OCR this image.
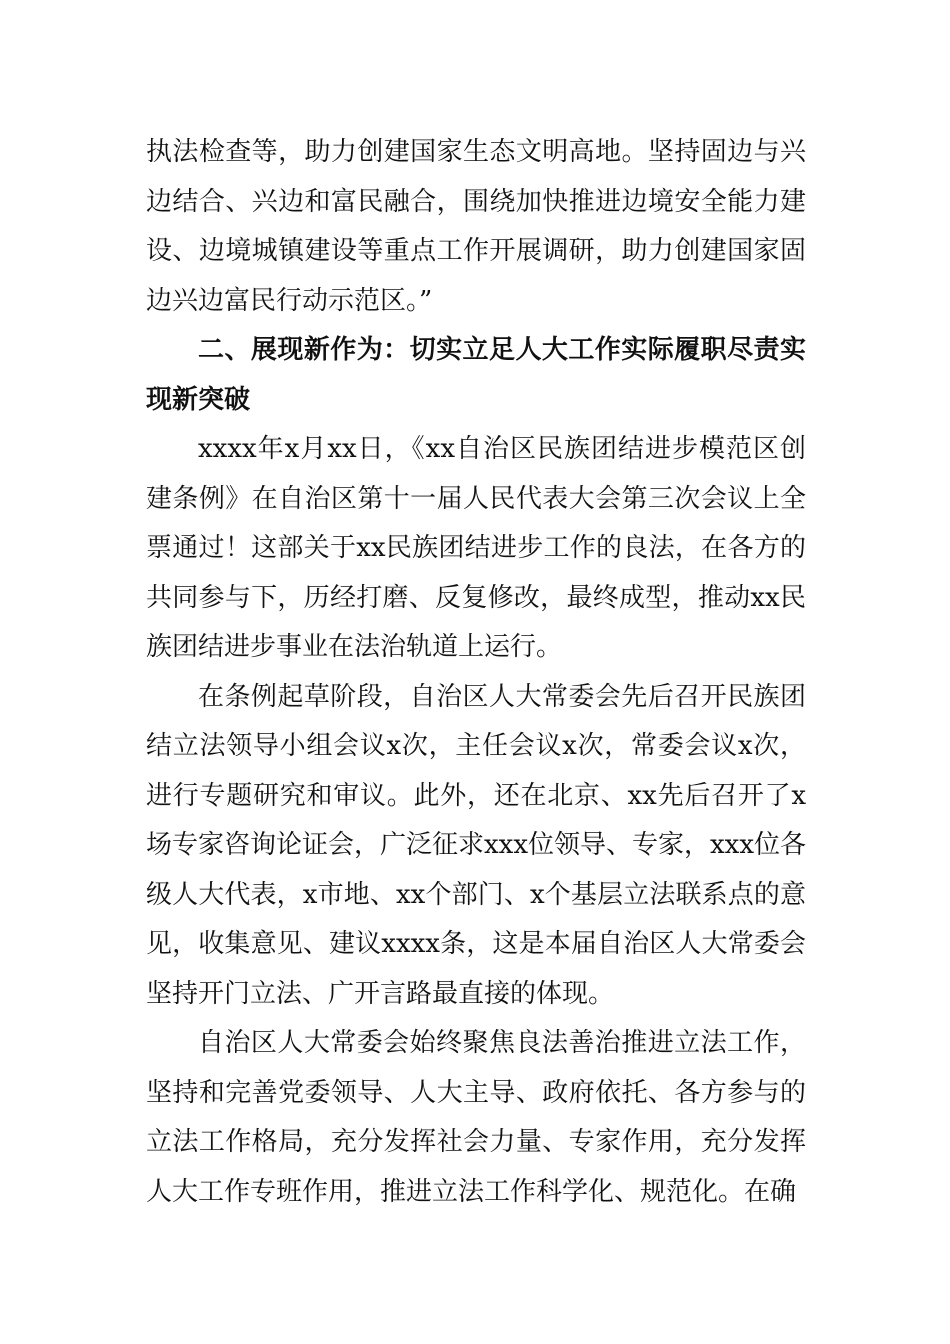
执法检查等，助力创建国家生态文明高地。坚持固边与兴边结合、兴边和富民融合，围绕加快推进边境安全能力建设、边境城镇建设等重点工作开展调研，助力创建国家固边兴边富民行动示范区。”

二、展现新作为：切实立足人大工作实际履职尽责实现新突破

xxxx年x月xx日，《xx自治区民族团结进步模范区创建条例》在自治区第十一届人民代表大会第三次会议上全票通过！这部关于xx民族团结进步工作的良法，在各方的共同参与下，历经打磨、反复修改，最终成型，推动xx民族团结进步事业在法治轨道上运行。

在条例起草阶段，自治区人大常委会先后召开民族团结立法领导小组会议x次，主任会议x次，常委会议x次，进行专题研究和审议。此外，还在北京、xx先后召开了x场专家咨询论证会，广泛征求xxx位领导、专家，xxx位各级人大代表，x市地、xx个部门、x个基层立法联系点的意见，收集意见、建议xxxx条，这是本届自治区人大常委会坚持开门立法、广开言路最直接的体现。

自治区人大常委会始终聚焦良法善治推进立法工作，坚持和完善党委领导、人大主导、政府依托、各方参与的立法工作格局，充分发挥社会力量、专家作用，充分发挥人大工作专班作用，推进立法工作科学化、规范化。在确
